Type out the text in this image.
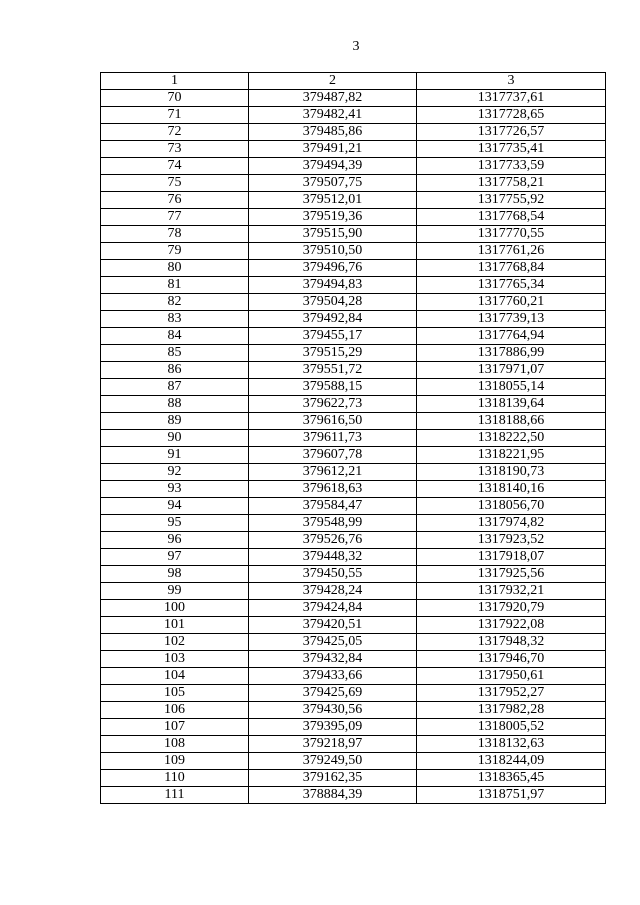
3
1	2	3
70	379487,82	1317737,61
71	379482,41	1317728,65
72	379485,86	1317726,57
73	379491,21	1317735,41
74	379494,39	1317733,59
75	379507,75	1317758,21
76	379512,01	1317755,92
77	379519,36	1317768,54
78	379515,90	1317770,55
79	379510,50	1317761,26
80	379496,76	1317768,84
81	379494,83	1317765,34
82	379504,28	1317760,21
83	379492,84	1317739,13
84	379455,17	1317764,94
85	379515,29	1317886,99
86	379551,72	1317971,07
87	379588,15	1318055,14
88	379622,73	1318139,64
89	379616,50	1318188,66
90	379611,73	1318222,50
91	379607,78	1318221,95
92	379612,21	1318190,73
93	379618,63	1318140,16
94	379584,47	1318056,70
95	379548,99	1317974,82
96	379526,76	1317923,52
97	379448,32	1317918,07
98	379450,55	1317925,56
99	379428,24	1317932,21
100	379424,84	1317920,79
101	379420,51	1317922,08
102	379425,05	1317948,32
103	379432,84	1317946,70
104	379433,66	1317950,61
105	379425,69	1317952,27
106	379430,56	1317982,28
107	379395,09	1318005,52
108	379218,97	1318132,63
109	379249,50	1318244,09
110	379162,35	1318365,45
111	378884,39	1318751,97
